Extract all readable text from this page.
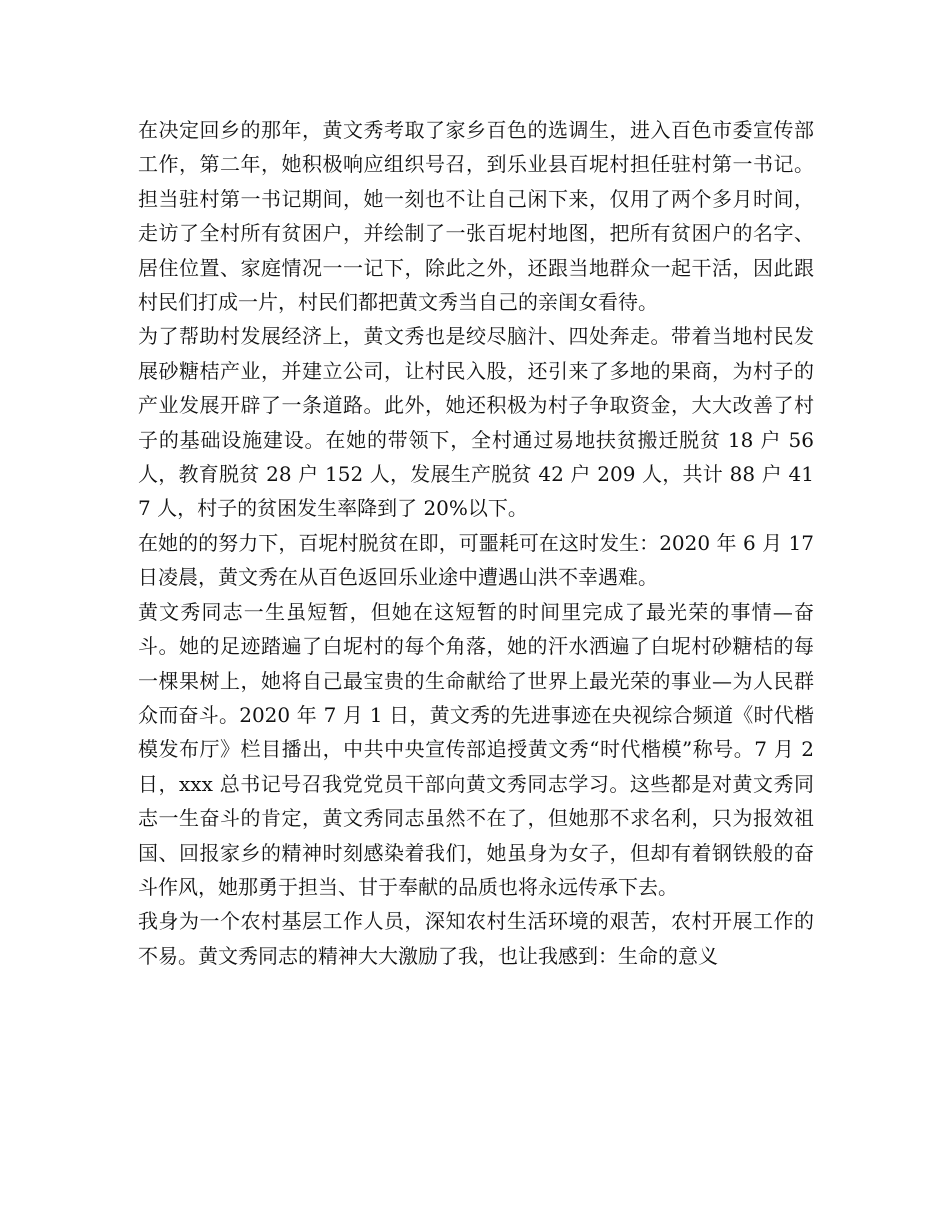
在决定回乡的那年，黄文秀考取了家乡百色的选调生，进入百色市委宣传部工作，第二年，她积极响应组织号召，到乐业县百坭村担任驻村第一书记。担当驻村第一书记期间，她一刻也不让自己闲下来，仅用了两个多月时间，走访了全村所有贫困户，并绘制了一张百坭村地图，把所有贫困户的名字、居住位置、家庭情况一一记下，除此之外，还跟当地群众一起干活，因此跟村民们打成一片，村民们都把黄文秀当自己的亲闺女看待。

为了帮助村发展经济上，黄文秀也是绞尽脑汁、四处奔走。带着当地村民发展砂糖桔产业，并建立公司，让村民入股，还引来了多地的果商，为村子的产业发展开辟了一条道路。此外，她还积极为村子争取资金，大大改善了村子的基础设施建设。在她的带领下，全村通过易地扶贫搬迁脱贫 18 户 56 人，教育脱贫 28 户 152 人，发展生产脱贫 42 户 209 人，共计 88 户 417 人，村子的贫困发生率降到了 20%以下。

在她的的努力下，百坭村脱贫在即，可噩耗可在这时发生：2020 年 6 月 17 日凌晨，黄文秀在从百色返回乐业途中遭遇山洪不幸遇难。

黄文秀同志一生虽短暂，但她在这短暂的时间里完成了最光荣的事情—奋斗。她的足迹踏遍了白坭村的每个角落，她的汗水洒遍了白坭村砂糖桔的每一棵果树上，她将自己最宝贵的生命献给了世界上最光荣的事业—为人民群众而奋斗。2020 年 7 月 1 日，黄文秀的先进事迹在央视综合频道《时代楷模发布厅》栏目播出，中共中央宣传部追授黄文秀“时代楷模”称号。7 月 2 日，xxx 总书记号召我党党员干部向黄文秀同志学习。这些都是对黄文秀同志一生奋斗的肯定，黄文秀同志虽然不在了，但她那不求名利，只为报效祖国、回报家乡的精神时刻感染着我们，她虽身为女子，但却有着钢铁般的奋斗作风，她那勇于担当、甘于奉献的品质也将永远传承下去。

我身为一个农村基层工作人员，深知农村生活环境的艰苦，农村开展工作的不易。黄文秀同志的精神大大激励了我，也让我感到：生命的意义
